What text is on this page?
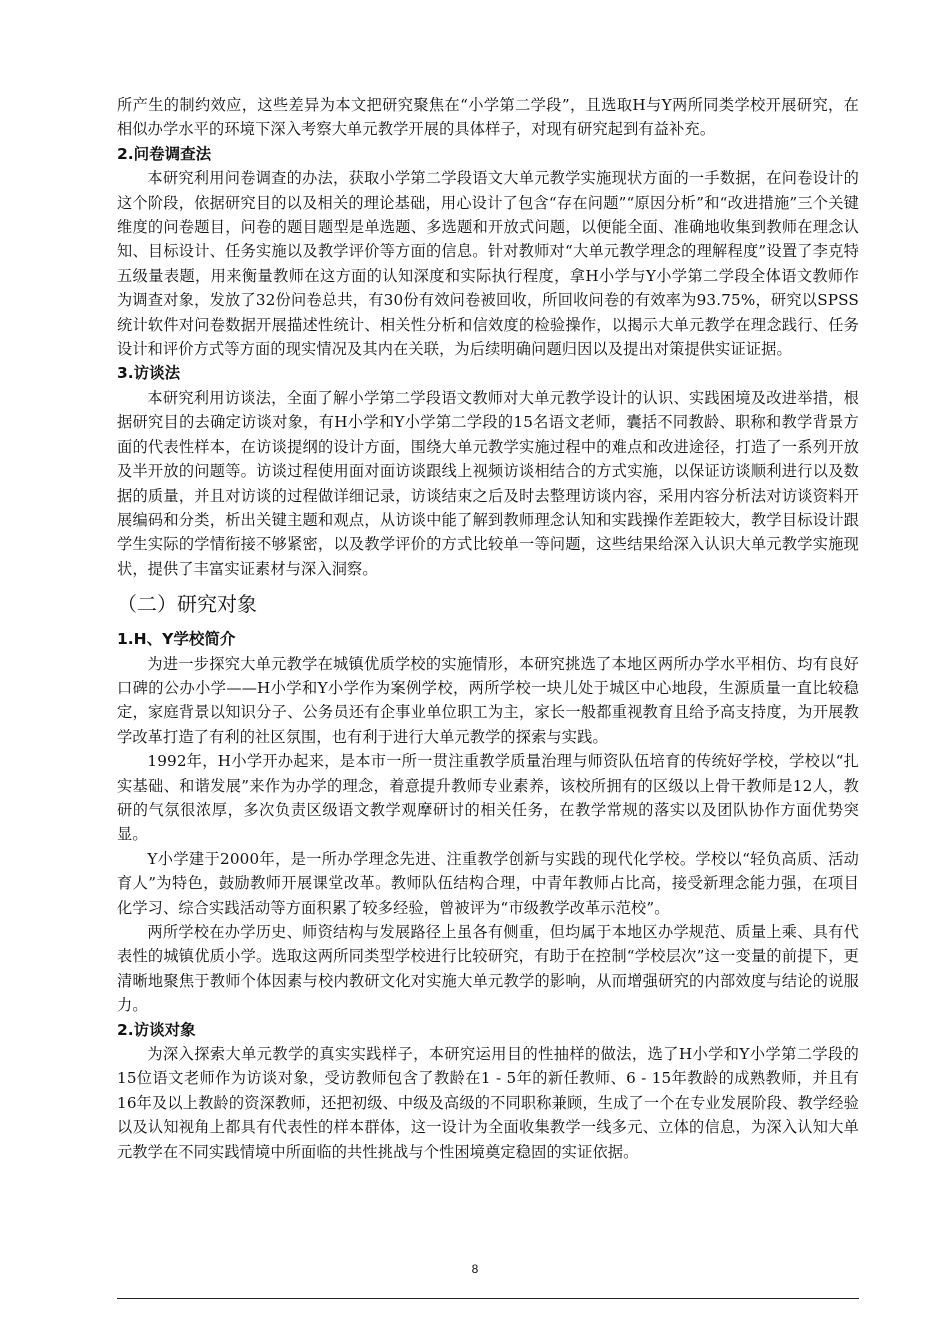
所产生的制约效应，这些差异为本文把研究聚焦在“小学第二学段”，且选取H与Y两所同类学校开展研究，在相似办学水平的环境下深入考察大单元教学开展的具体样子，对现有研究起到有益补充。

2.问卷调查法

本研究利用问卷调查的办法，获取小学第二学段语文大单元教学实施现状方面的一手数据，在问卷设计的这个阶段，依据研究目的以及相关的理论基础，用心设计了包含“存在问题”“原因分析”和“改进措施”三个关键维度的问卷题目，问卷的题目题型是单选题、多选题和开放式问题，以便能全面、准确地收集到教师在理念认知、目标设计、任务实施以及教学评价等方面的信息。针对教师对“大单元教学理念的理解程度”设置了李克特五级量表题，用来衡量教师在这方面的认知深度和实际执行程度，拿H小学与Y小学第二学段全体语文教师作为调查对象，发放了32份问卷总共，有30份有效问卷被回收，所回收问卷的有效率为93.75%，研究以SPSS统计软件对问卷数据开展描述性统计、相关性分析和信效度的检验操作，以揭示大单元教学在理念践行、任务设计和评价方式等方面的现实情况及其内在关联，为后续明确问题归因以及提出对策提供实证证据。

3.访谈法

本研究利用访谈法，全面了解小学第二学段语文教师对大单元教学设计的认识、实践困境及改进举措，根据研究目的去确定访谈对象，有H小学和Y小学第二学段的15名语文老师，囊括不同教龄、职称和教学背景方面的代表性样本，在访谈提纲的设计方面，围绕大单元教学实施过程中的难点和改进途径，打造了一系列开放及半开放的问题等。访谈过程使用面对面访谈跟线上视频访谈相结合的方式实施，以保证访谈顺利进行以及数据的质量，并且对访谈的过程做详细记录，访谈结束之后及时去整理访谈内容，采用内容分析法对访谈资料开展编码和分类，析出关键主题和观点，从访谈中能了解到教师理念认知和实践操作差距较大，教学目标设计跟学生实际的学情衔接不够紧密，以及教学评价的方式比较单一等问题，这些结果给深入认识大单元教学实施现状，提供了丰富实证素材与深入洞察。

（二）研究对象
1.H、Y学校简介

为进一步探究大单元教学在城镇优质学校的实施情形，本研究挑选了本地区两所办学水平相仿、均有良好口碑的公办小学——H小学和Y小学作为案例学校，两所学校一块儿处于城区中心地段，生源质量一直比较稳定，家庭背景以知识分子、公务员还有企事业单位职工为主，家长一般都重视教育且给予高支持度，为开展教学改革打造了有利的社区氛围，也有利于进行大单元教学的探索与实践。

1992年，H小学开办起来，是本市一所一贯注重教学质量治理与师资队伍培育的传统好学校，学校以“扎实基础、和谐发展”来作为办学的理念，着意提升教师专业素养，该校所拥有的区级以上骨干教师是12人，教研的气氛很浓厚，多次负责区级语文教学观摩研讨的相关任务，在教学常规的落实以及团队协作方面优势突显。

Y小学建于2000年，是一所办学理念先进、注重教学创新与实践的现代化学校。学校以“轻负高质、活动育人”为特色，鼓励教师开展课堂改革。教师队伍结构合理，中青年教师占比高，接受新理念能力强，在项目化学习、综合实践活动等方面积累了较多经验，曾被评为“市级教学改革示范校”。

两所学校在办学历史、师资结构与发展路径上虽各有侧重，但均属于本地区办学规范、质量上乘、具有代表性的城镇优质小学。选取这两所同类型学校进行比较研究，有助于在控制“学校层次”这一变量的前提下，更清晰地聚焦于教师个体因素与校内教研文化对实施大单元教学的影响，从而增强研究的内部效度与结论的说服力。

2.访谈对象

为深入探索大单元教学的真实实践样子，本研究运用目的性抽样的做法，选了H小学和Y小学第二学段的15位语文老师作为访谈对象，受访教师包含了教龄在1 - 5年的新任教师、6 - 15年教龄的成熟教师，并且有16年及以上教龄的资深教师，还把初级、中级及高级的不同职称兼顾，生成了一个在专业发展阶段、教学经验以及认知视角上都具有代表性的样本群体，这一设计为全面收集教学一线多元、立体的信息，为深入认知大单元教学在不同实践情境中所面临的共性挑战与个性困境奠定稳固的实证依据。

8
